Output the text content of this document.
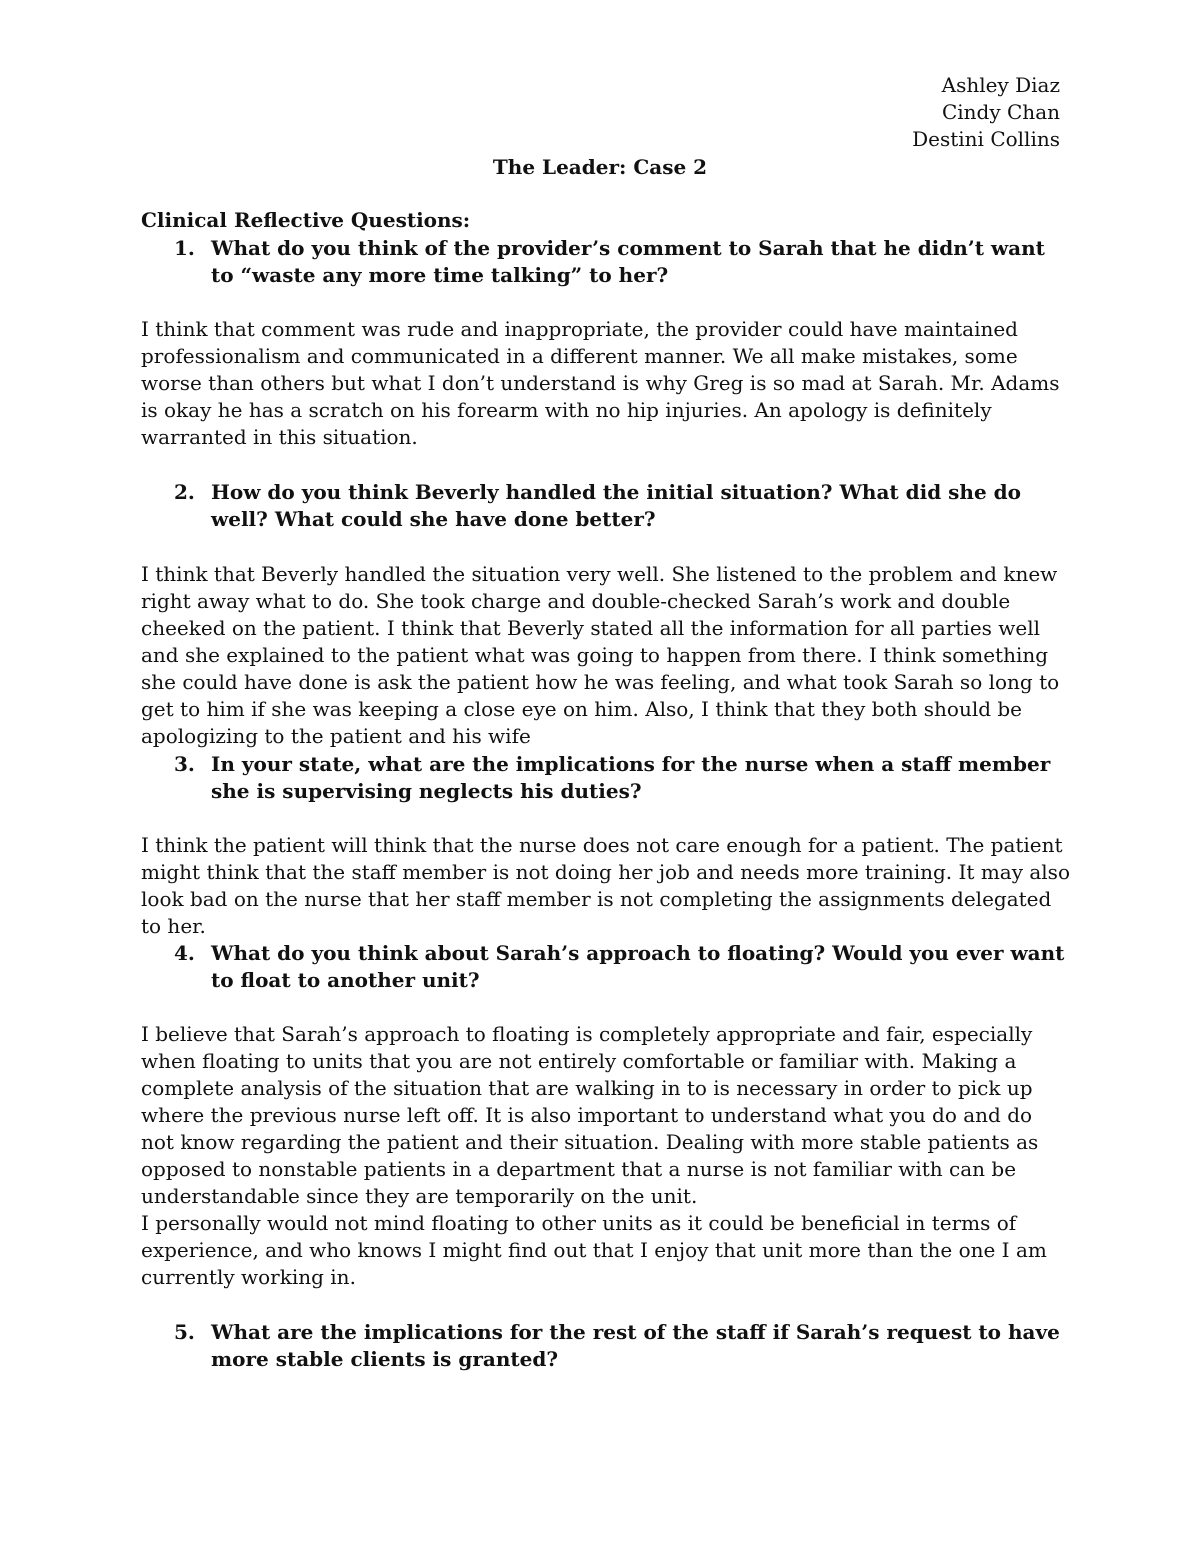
Ashley Diaz
Cindy Chan
Destini Collins
The Leader: Case 2
Clinical Reflective Questions:
1. What do you think of the provider’s comment to Sarah that he didn’t want to “waste any more time talking” to her?

I think that comment was rude and inappropriate, the provider could have maintained professionalism and communicated in a different manner. We all make mistakes, some worse than others but what I don’t understand is why Greg is so mad at Sarah. Mr. Adams is okay he has a scratch on his forearm with no hip injuries. An apology is definitely warranted in this situation.

2. How do you think Beverly handled the initial situation? What did she do well? What could she have done better?

I think that Beverly handled the situation very well. She listened to the problem and knew right away what to do. She took charge and double-checked Sarah’s work and double cheeked on the patient. I think that Beverly stated all the information for all parties well and she explained to the patient what was going to happen from there. I think something she could have done is ask the patient how he was feeling, and what took Sarah so long to get to him if she was keeping a close eye on him. Also, I think that they both should be apologizing to the patient and his wife

3. In your state, what are the implications for the nurse when a staff member she is supervising neglects his duties?

I think the patient will think that the nurse does not care enough for a patient. The patient might think that the staff member is not doing her job and needs more training. It may also look bad on the nurse that her staff member is not completing the assignments delegated to her.

4. What do you think about Sarah’s approach to floating? Would you ever want to float to another unit?

I believe that Sarah’s approach to floating is completely appropriate and fair, especially when floating to units that you are not entirely comfortable or familiar with. Making a complete analysis of the situation that are walking in to is necessary in order to pick up where the previous nurse left off. It is also important to understand what you do and do not know regarding the patient and their situation. Dealing with more stable patients as opposed to nonstable patients in a department that a nurse is not familiar with can be understandable since they are temporarily on the unit.

I personally would not mind floating to other units as it could be beneficial in terms of experience, and who knows I might find out that I enjoy that unit more than the one I am currently working in.

5. What are the implications for the rest of the staff if Sarah’s request to have more stable clients is granted?
